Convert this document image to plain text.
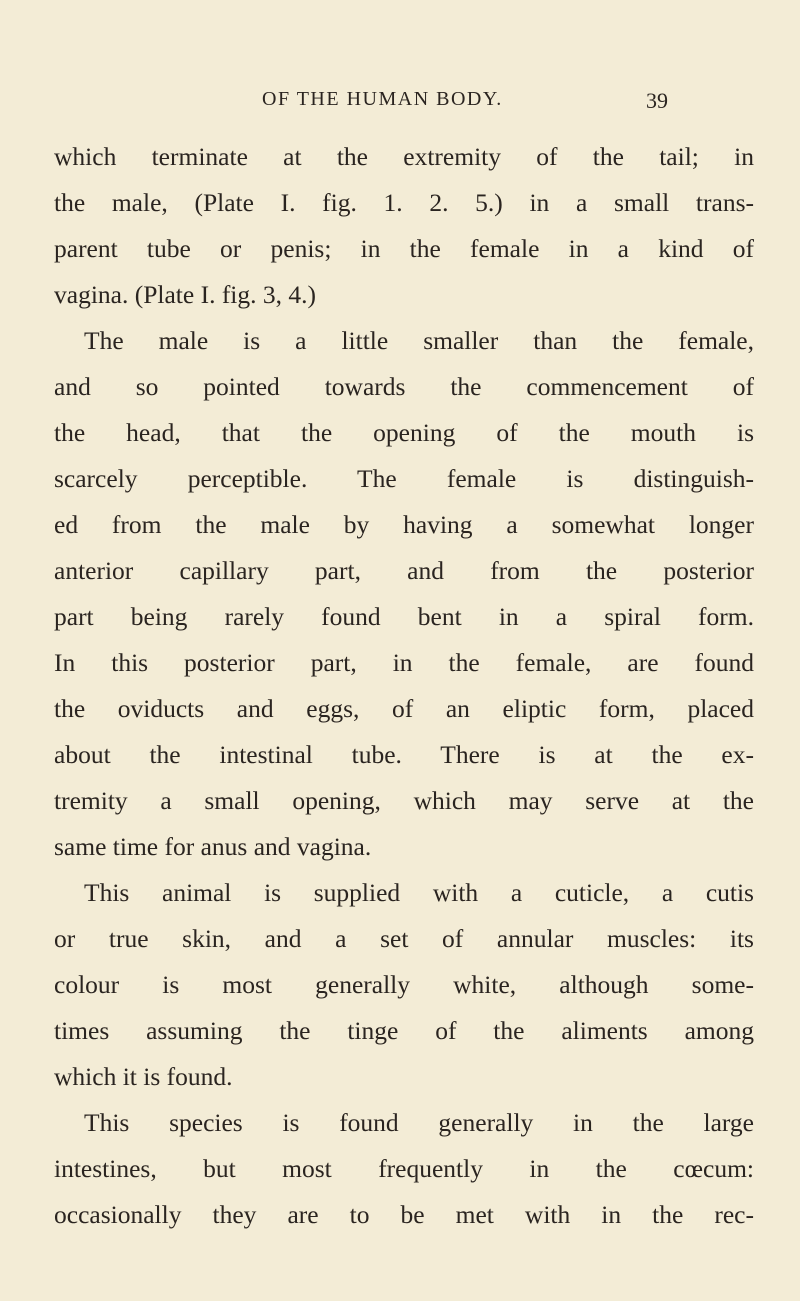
OF THE HUMAN BODY.	39
which terminate at the extremity of the tail; in
the male, (Plate I. fig. 1. 2. 5.) in a small trans-
parent tube or penis; in the female in a kind of
vagina. (Plate I. fig. 3, 4.)
The male is a little smaller than the female,
and so pointed towards the commencement of
the head, that the opening of the mouth is
scarcely perceptible. The female is distinguish-
ed from the male by having a somewhat longer
anterior capillary part, and from the posterior
part being rarely found bent in a spiral form.
In this posterior part, in the female, are found
the oviducts and eggs, of an eliptic form, placed
about the intestinal tube. There is at the ex-
tremity a small opening, which may serve at the
same time for anus and vagina.
This animal is supplied with a cuticle, a cutis
or true skin, and a set of annular muscles: its
colour is most generally white, although some-
times assuming the tinge of the aliments among
which it is found.
This species is found generally in the large
intestines, but most frequently in the cœcum:
occasionally they are to be met with in the rec-
